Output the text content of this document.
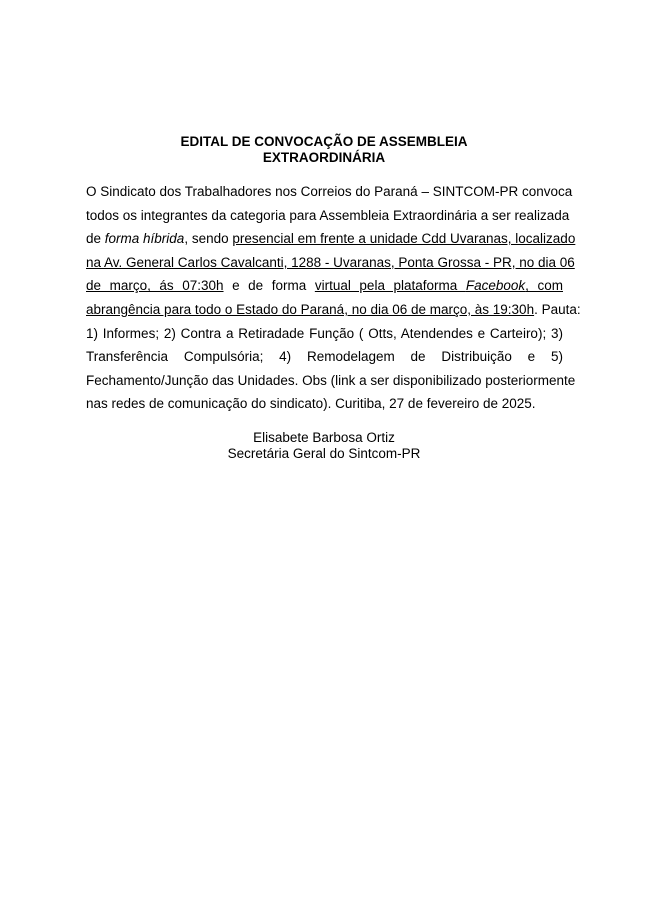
EDITAL DE CONVOCAÇÃO DE ASSEMBLEIA
EXTRAORDINÁRIA
O Sindicato dos Trabalhadores nos Correios do Paraná – SINTCOM-PR convoca
todos os integrantes da categoria para Assembleia Extraordinária a ser realizada
de forma híbrida, sendo presencial em frente a unidade Cdd Uvaranas, localizado
na Av. General Carlos Cavalcanti, 1288 - Uvaranas, Ponta Grossa - PR, no dia 06
de março, ás 07:30h e de forma virtual pela plataforma Facebook, com
abrangência para todo o Estado do Paraná, no dia 06 de março, às 19:30h. Pauta:
1) Informes; 2) Contra a Retiradade Função ( Otts, Atendendes e Carteiro); 3)
Transferência Compulsória; 4) Remodelagem de Distribuição e 5)
Fechamento/Junção das Unidades. Obs (link a ser disponibilizado posteriormente
nas redes de comunicação do sindicato). Curitiba, 27 de fevereiro de 2025.
Elisabete Barbosa Ortiz
Secretária Geral do Sintcom-PR
